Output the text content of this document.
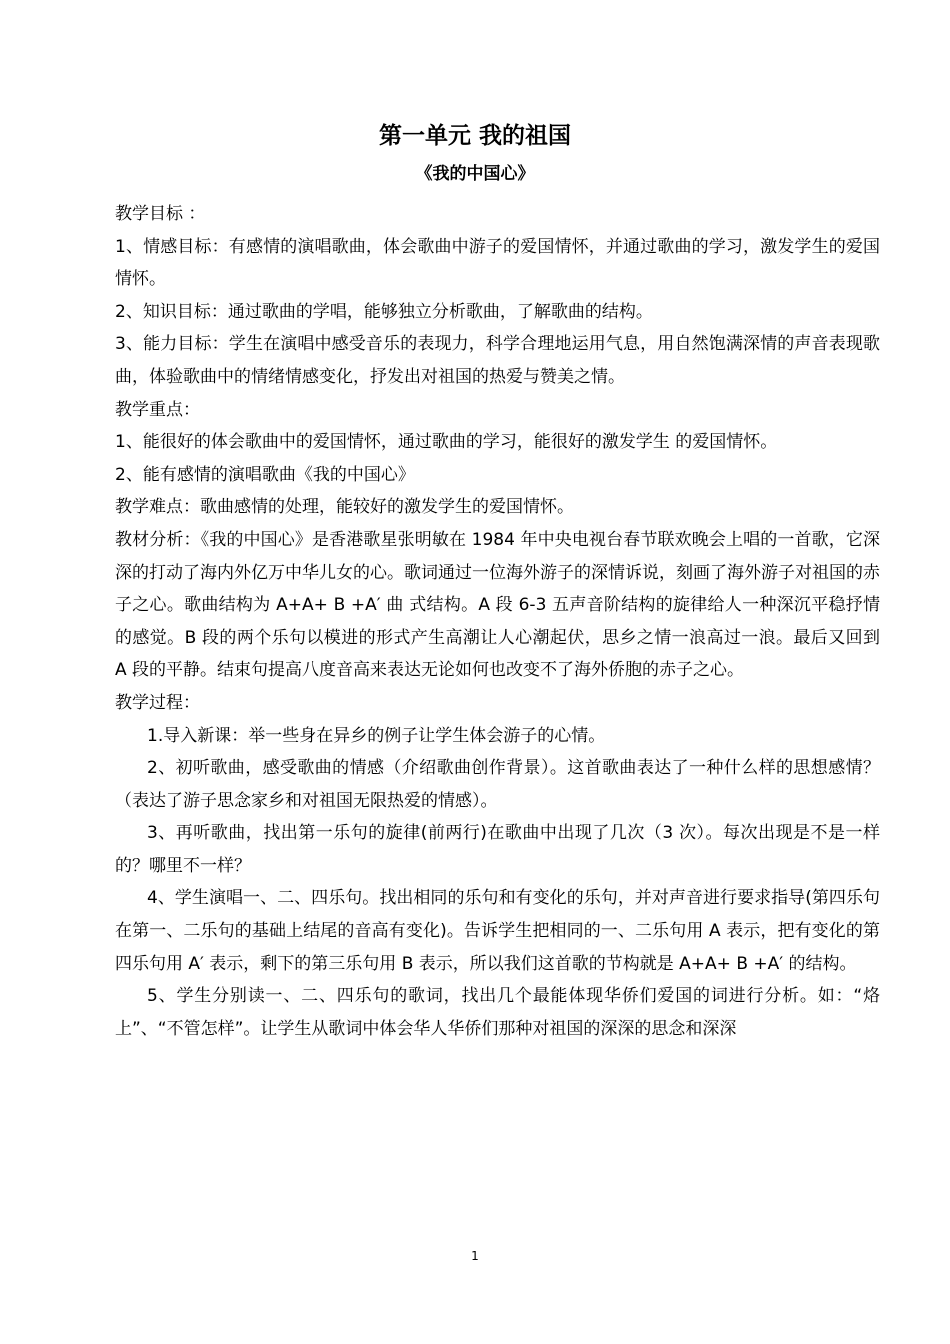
第一单元 我的祖国
《我的中国心》

教学目标 ：

1、情感目标：有感情的演唱歌曲，体会歌曲中游子的爱国情怀，并通过歌曲的学习，激发学生的爱国情怀。

2、知识目标：通过歌曲的学唱，能够独立分析歌曲，了解歌曲的结构。

3、能力目标：学生在演唱中感受音乐的表现力，科学合理地运用气息，用自然饱满深情的声音表现歌曲，体验歌曲中的情绪情感变化，抒发出对祖国的热爱与赞美之情。

教学重点：

1、能很好的体会歌曲中的爱国情怀，通过歌曲的学习，能很好的激发学生 的爱国情怀。

2、能有感情的演唱歌曲《我的中国心》

教学难点：歌曲感情的处理，能较好的激发学生的爱国情怀。

教材分析：《我的中国心》是香港歌星张明敏在 1984 年中央电视台春节联欢晚会上唱的一首歌，它深深的打动了海内外亿万中华儿女的心。歌词通过一位海外游子的深情诉说，刻画了海外游子对祖国的赤子之心。歌曲结构为 A+A+ B +A′ 曲 式结构。A 段 6-3 五声音阶结构的旋律给人一种深沉平稳抒情的感觉。B 段的两个乐句以模进的形式产生高潮让人心潮起伏，思乡之情一浪高过一浪。最后又回到 A 段的平静。结束句提高八度音高来表达无论如何也改变不了海外侨胞的赤子之心。

教学过程：

1.导入新课：举一些身在异乡的例子让学生体会游子的心情。

2、初听歌曲，感受歌曲的情感（介绍歌曲创作背景）。这首歌曲表达了一种什么样的思想感情？ （表达了游子思念家乡和对祖国无限热爱的情感）。

3、再听歌曲，找出第一乐句的旋律(前两行)在歌曲中出现了几次（3 次）。每次出现是不是一样的？哪里不一样？

4、学生演唱一、二、四乐句。找出相同的乐句和有变化的乐句，并对声音进行要求指导(第四乐句在第一、二乐句的基础上结尾的音高有变化)。告诉学生把相同的一、二乐句用 A 表示，把有变化的第四乐句用 A′ 表示，剩下的第三乐句用 B 表示，所以我们这首歌的节构就是 A+A+ B +A′ 的结构。

5、学生分别读一、二、四乐句的歌词，找出几个最能体现华侨们爱国的词进行分析。如：“烙上”、“不管怎样”。让学生从歌词中体会华人华侨们那种对祖国的深深的思念和深深

1
